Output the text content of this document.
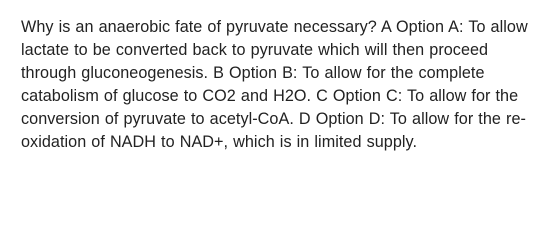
Why is an anaerobic fate of pyruvate necessary? A Option A: To allow lactate to be converted back to pyruvate which will then proceed through gluconeogenesis. B Option B: To allow for the complete catabolism of glucose to CO2 and H2O. C Option C: To allow for the conversion of pyruvate to acetyl-CoA. D Option D: To allow for the re-oxidation of NADH to NAD+, which is in limited supply.
